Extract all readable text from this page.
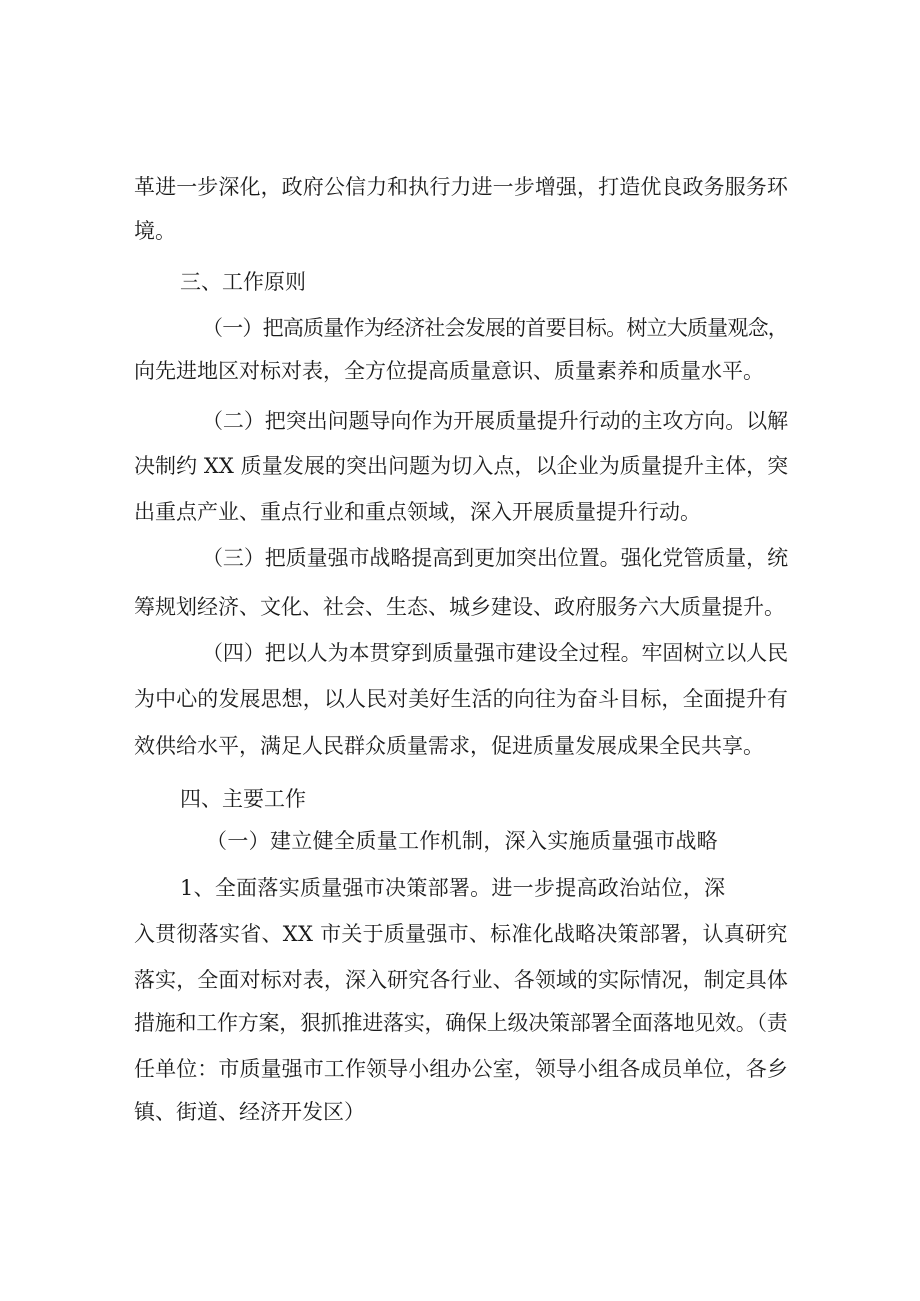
革进一步深化，政府公信力和执行力进一步增强，打造优良政务服务环

境。

三、工作原则

（一）把高质量作为经济社会发展的首要目标。树立大质量观念，

向先进地区对标对表，全方位提高质量意识、质量素养和质量水平。

（二）把突出问题导向作为开展质量提升行动的主攻方向。以解

决制约 XX 质量发展的突出问题为切入点，以企业为质量提升主体，突

出重点产业、重点行业和重点领域，深入开展质量提升行动。

（三）把质量强市战略提高到更加突出位置。强化党管质量，统

筹规划经济、文化、社会、生态、城乡建设、政府服务六大质量提升。

（四）把以人为本贯穿到质量强市建设全过程。牢固树立以人民

为中心的发展思想，以人民对美好生活的向往为奋斗目标，全面提升有

效供给水平，满足人民群众质量需求，促进质量发展成果全民共享。

四、主要工作

（一）建立健全质量工作机制，深入实施质量强市战略

1、全面落实质量强市决策部署。进一步提高政治站位，深

入贯彻落实省、XX 市关于质量强市、标准化战略决策部署，认真研究

落实，全面对标对表，深入研究各行业、各领域的实际情况，制定具体

措施和工作方案，狠抓推进落实，确保上级决策部署全面落地见效。（责

任单位：市质量强市工作领导小组办公室，领导小组各成员单位，各乡

镇、街道、经济开发区）
